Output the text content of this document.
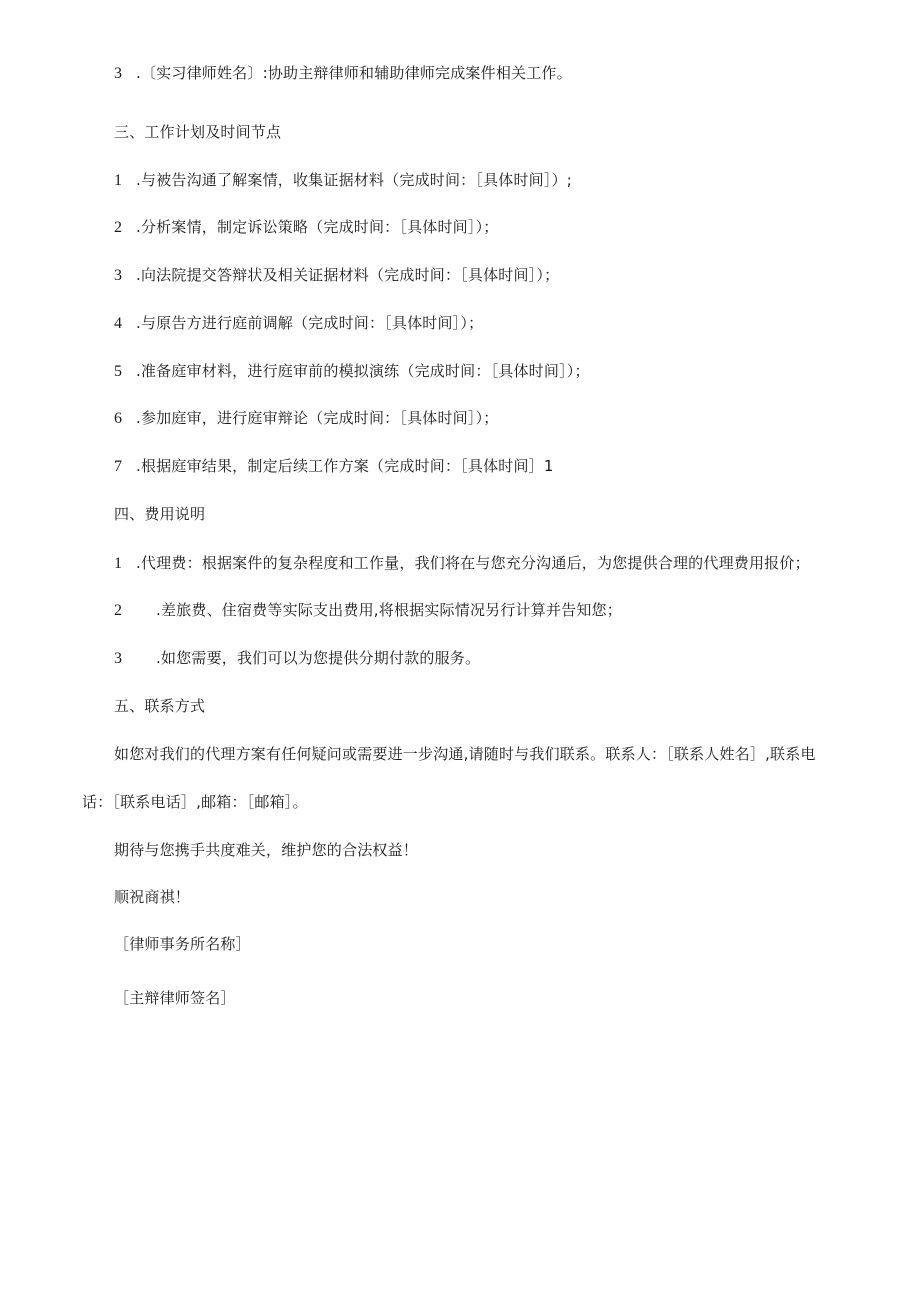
3 .〔实习律师姓名〕:协助主辩律师和辅助律师完成案件相关工作。
三、工作计划及时间节点
1 .与被告沟通了解案情，收集证据材料（完成时间：［具体时间］）;
2 .分析案情，制定诉讼策略（完成时间：［具体时间］）；
3 .向法院提交答辩状及相关证据材料（完成时间：［具体时间］）；
4 .与原告方进行庭前调解（完成时间：［具体时间］）；
5 .准备庭审材料，进行庭审前的模拟演练（完成时间：［具体时间］）；
6 .参加庭审，进行庭审辩论（完成时间：［具体时间］）；
7 .根据庭审结果，制定后续工作方案（完成时间：［具体时间］1
四、费用说明
1 .代理费：根据案件的复杂程度和工作量，我们将在与您充分沟通后，为您提供合理的代理费用报价；
2 .差旅费、住宿费等实际支出费用,将根据实际情况另行计算并告知您；
3 .如您需要，我们可以为您提供分期付款的服务。
五、联系方式
如您对我们的代理方案有任何疑问或需要进一步沟通,请随时与我们联系。联系人：［联系人姓名］,联系电
话：［联系电话］,邮箱：［邮箱］。
期待与您携手共度难关，维护您的合法权益！
顺祝商祺！
［律师事务所名称］
［主辩律师签名］
